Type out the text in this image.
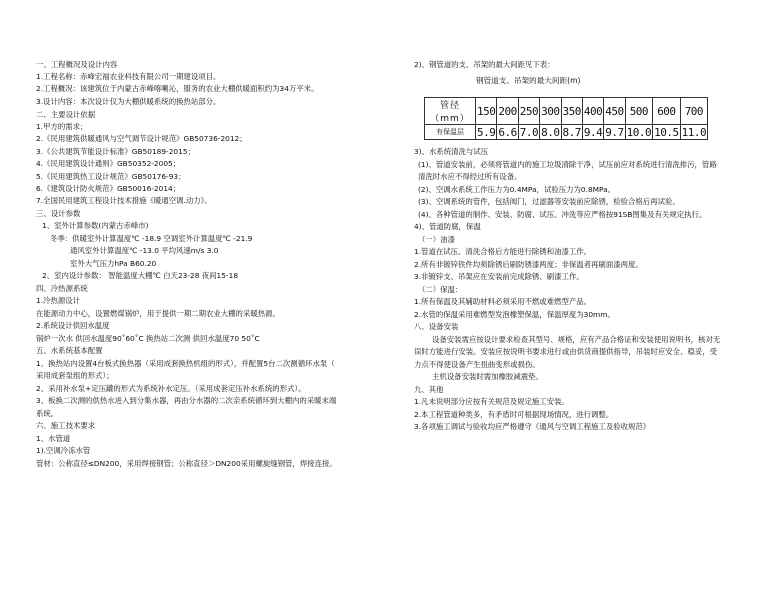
一、工程概况及设计内容
1.工程名称：赤峰宏福农业科技有限公司一期建设项目。
2.工程概况：该建筑位于内蒙古赤峰喀喇沁，服务的农业大棚供暖面积约为34万平米。
3.设计内容：本次设计仅为大棚供暖系统的换热站部分。
二、主要设计依据
1.甲方的需求；
2.《民用建筑供暖通风与空气调节设计规范》GB50736-2012；
3.《公共建筑节能设计标准》GB50189-2015；
4.《民用建筑设计通则》GB50352-2005；
5.《民用建筑热工设计规范》GB50176-93；
6.《建筑设计防火规范》GB50016-2014；
7.全国民用建筑工程设计技术措施《暖通空调.动力》。
三、设计参数
1、室外计算参数(内蒙古赤峰市)
冬季：供暖室外计算温度℃ -18.9 空调室外计算温度℃ -21.9
通风室外计算温度℃ -13.0 平均风速m/s 3.0
室外大气压力hPa B60.20
2、室内设计参数： 智能温度大棚℃ 白天23-28 夜间15-18
四、冷热源系统
1.冷热源设计
在能源动力中心，设置燃煤锅炉，用于提供一期二期农业大棚的采暖热源。
2.系统设计供回水温度
锅炉一次水 供回水温度90˚60˚C 换热站二次测 供回水温度70 50˚C
五、水系统基本配置
1、换热站内设置4台板式换热器（采用成套换热机组的形式），并配置5台二次测循环水泵（
采用成套泵组的形式）；
2、采用补水泵+定压罐的形式为系统补水定压。（采用成套定压补水系统的形式）。
3、板换二次测的供热水进入到分集水器，再由分水器的二次亲系统循环到大棚内的采暖末端
系统。
六、施工技术要求
1、水管道
1).空调冷冻水管
管材：公称直径≤DN200，采用焊接钢管；公称直径＞DN200采用螺旋缝钢管，焊接连接。
2)、钢管道的支、吊架的最大间距见下表：
3)、水系统清洗与试压
(1)、管道安装前，必须将管道内的施工垃圾清除干净，试压前应对系统进行清洗排污，管路
清洗时水应不得经过所有设备。
(2)、空调水系统工作压力为0.4MPa，试验压力为0.8MPa。
(3)、空调系统的管件，包括阀门，过滤器等安装前应除锈，检验合格后再试验。
(4)、各种管道的制作、安装、防腐、试压、冲洗等应严格按91SB图集及有关规定执行。
4)、管道防腐，保温
（一）油漆
1.管道在试压、清洗合格后方能进行除锈和油漆工作。
2.所有非镀锌铁件均须除锈后刷防锈漆两度；非保温者再刷面漆两度。
3.非镀锌支、吊架应在安装前完成除锈、刷漆工作。
（二）保温：
1.所有保温及其辅助材料必须采用不燃或难燃型产品。
2.水管的保温采用难燃型发泡橡塑保温，保温厚度为30mm。
八、设备安装
设备安装需应按设计要求检查其型号、规格，应有产品合格证和安装使用说明书，核对无
误时方能进行安装。安装应按说明书要求进行或由供货商提供指导，吊装时应安全、稳妥，受
力点不得使设备产生扭曲变形或损伤。
主机设备安装时需加橡胶减震垫。
九、其他
1.凡未说明部分应按有关规范及规定施工安装。
2.本工程管道种类多，有矛盾时可根据现场情况，进行调整。
3.各项施工调试与验收均应严格遵守《通风与空调工程施工及验收规范》
钢管道支、吊架的最大间距(m)
管径（mm）	150	200	250	300	350	400	450	500	600	700
有保温层	5.9	6.6	7.0	8.0	8.7	9.4	9.7	10.0	10.5	11.0
